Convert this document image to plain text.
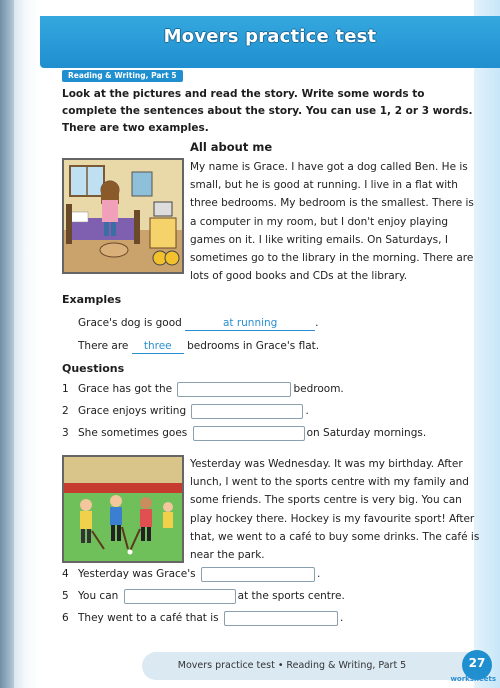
Movers practice test
Reading & Writing, Part 5
Look at the pictures and read the story. Write some words to complete the sentences about the story. You can use 1, 2 or 3 words. There are two examples.
All about me
My name is Grace. I have got a dog called Ben. He is small, but he is good at running. I live in a flat with three bedrooms. My bedroom is the smallest. There is a computer in my room, but I don't enjoy playing games on it. I like writing emails. On Saturdays, I sometimes go to the library in the morning. There are lots of good books and CDs at the library.
Examples
Grace's dog is good	at running	.
There are three bedrooms in Grace's flat.
Questions
1 Grace has got the	bedroom.
2 Grace enjoys writing	.
3 She sometimes goes	on Saturday mornings.
Yesterday was Wednesday. It was my birthday. After lunch, I went to the sports centre with my family and some friends. The sports centre is very big. You can play hockey there. Hockey is my favourite sport! After that, we went to a café to buy some drinks. The café is near the park.
4 Yesterday was Grace's	.
5 You can	at the sports centre.
6 They went to a café that is	.
Movers practice test • Reading & Writing, Part 5	27
worksheets
